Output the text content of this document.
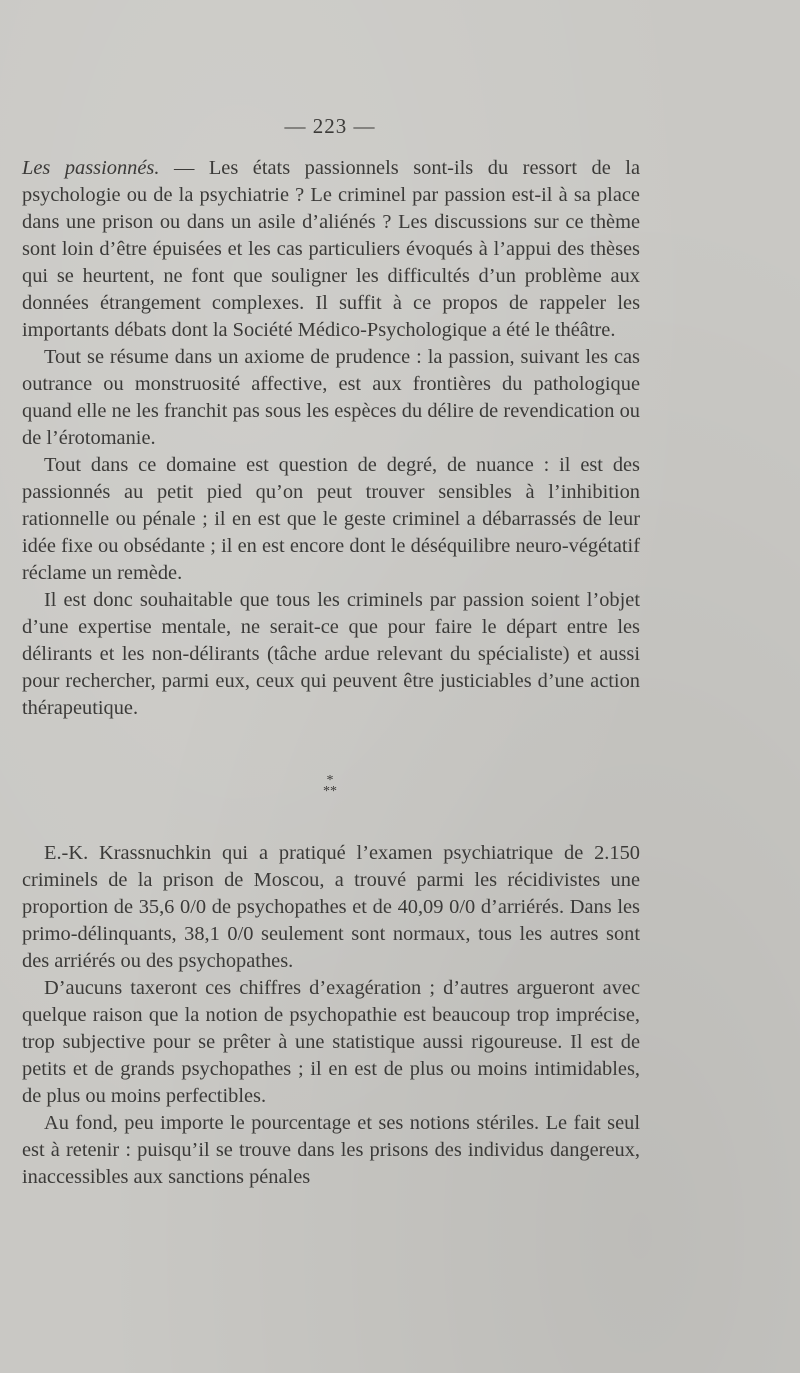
— 223 —

Les passionnés. — Les états passionnels sont-ils du ressort de la psychologie ou de la psychiatrie ? Le criminel par passion est-il à sa place dans une prison ou dans un asile d’aliénés ? Les discussions sur ce thème sont loin d’être épuisées et les cas particuliers évoqués à l’appui des thèses qui se heurtent, ne font que souligner les difficultés d’un problème aux données étrangement complexes. Il suffit à ce propos de rappeler les importants débats dont la Société Médico-Psychologique a été le théâtre.

Tout se résume dans un axiome de prudence : la passion, suivant les cas outrance ou monstruosité affective, est aux frontières du pathologique quand elle ne les franchit pas sous les espèces du délire de revendication ou de l’érotomanie.

Tout dans ce domaine est question de degré, de nuance : il est des passionnés au petit pied qu’on peut trouver sensibles à l’inhibition rationnelle ou pénale ; il en est que le geste criminel a débarrassés de leur idée fixe ou obsédante ; il en est encore dont le déséquilibre neuro-végétatif réclame un remède.

Il est donc souhaitable que tous les criminels par passion soient l’objet d’une expertise mentale, ne serait-ce que pour faire le départ entre les délirants et les non-délirants (tâche ardue relevant du spécialiste) et aussi pour rechercher, parmi eux, ceux qui peuvent être justiciables d’une action thérapeutique.

*
**

E.-K. Krassnuchkin qui a pratiqué l’examen psychiatrique de 2.150 criminels de la prison de Moscou, a trouvé parmi les récidivistes une proportion de 35,6 0/0 de psychopathes et de 40,09 0/0 d’arriérés. Dans les primo-délinquants, 38,1 0/0 seulement sont normaux, tous les autres sont des arriérés ou des psychopathes.

D’aucuns taxeront ces chiffres d’exagération ; d’autres argueront avec quelque raison que la notion de psychopathie est beaucoup trop imprécise, trop subjective pour se prêter à une statistique aussi rigoureuse. Il est de petits et de grands psychopathes ; il en est de plus ou moins intimidables, de plus ou moins perfectibles.

Au fond, peu importe le pourcentage et ses notions stériles. Le fait seul est à retenir : puisqu’il se trouve dans les prisons des individus dangereux, inaccessibles aux sanctions pénales
